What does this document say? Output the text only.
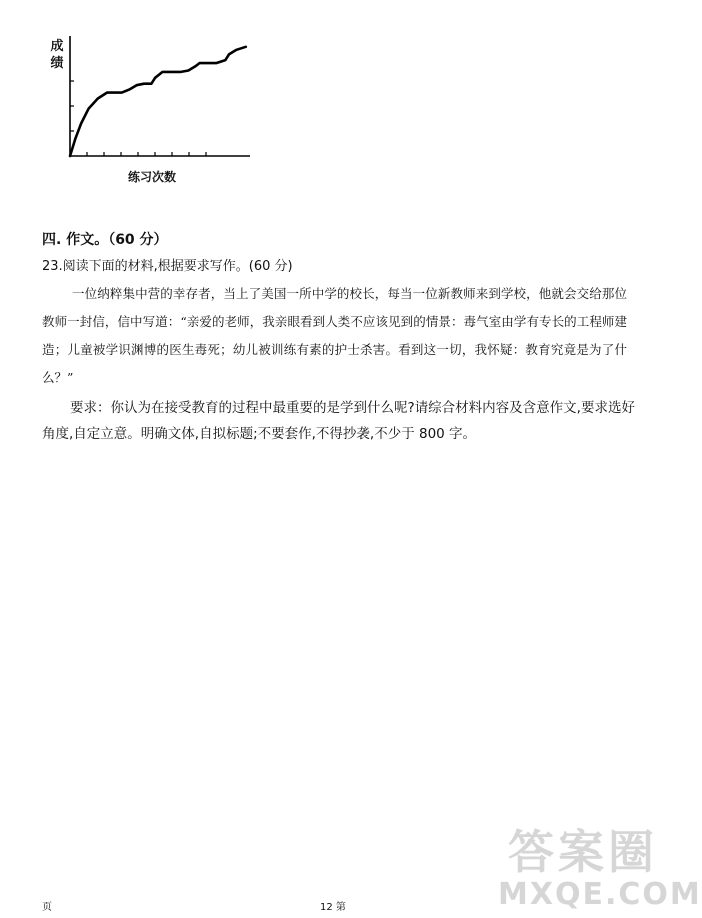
成绩
练习次数
四. 作文。（60 分）
23.阅读下面的材料,根据要求写作。(60 分)

一位纳粹集中营的幸存者，当上了美国一所中学的校长，每当一位新教师来到学校，他就会交给那位教师一封信，信中写道：“亲爱的老师，我亲眼看到人类不应该见到的情景：毒气室由学有专长的工程师建造；儿童被学识渊博的医生毒死；幼儿被训练有素的护士杀害。看到这一切，我怀疑：教育究竟是为了什么？”

要求：你认为在接受教育的过程中最重要的是学到什么呢?请综合材料内容及含意作文,要求选好角度,自定立意。明确文体,自拟标题;不要套作,不得抄袭,不少于 800 字。

页	12 第
答案圈
MXQE.COM
